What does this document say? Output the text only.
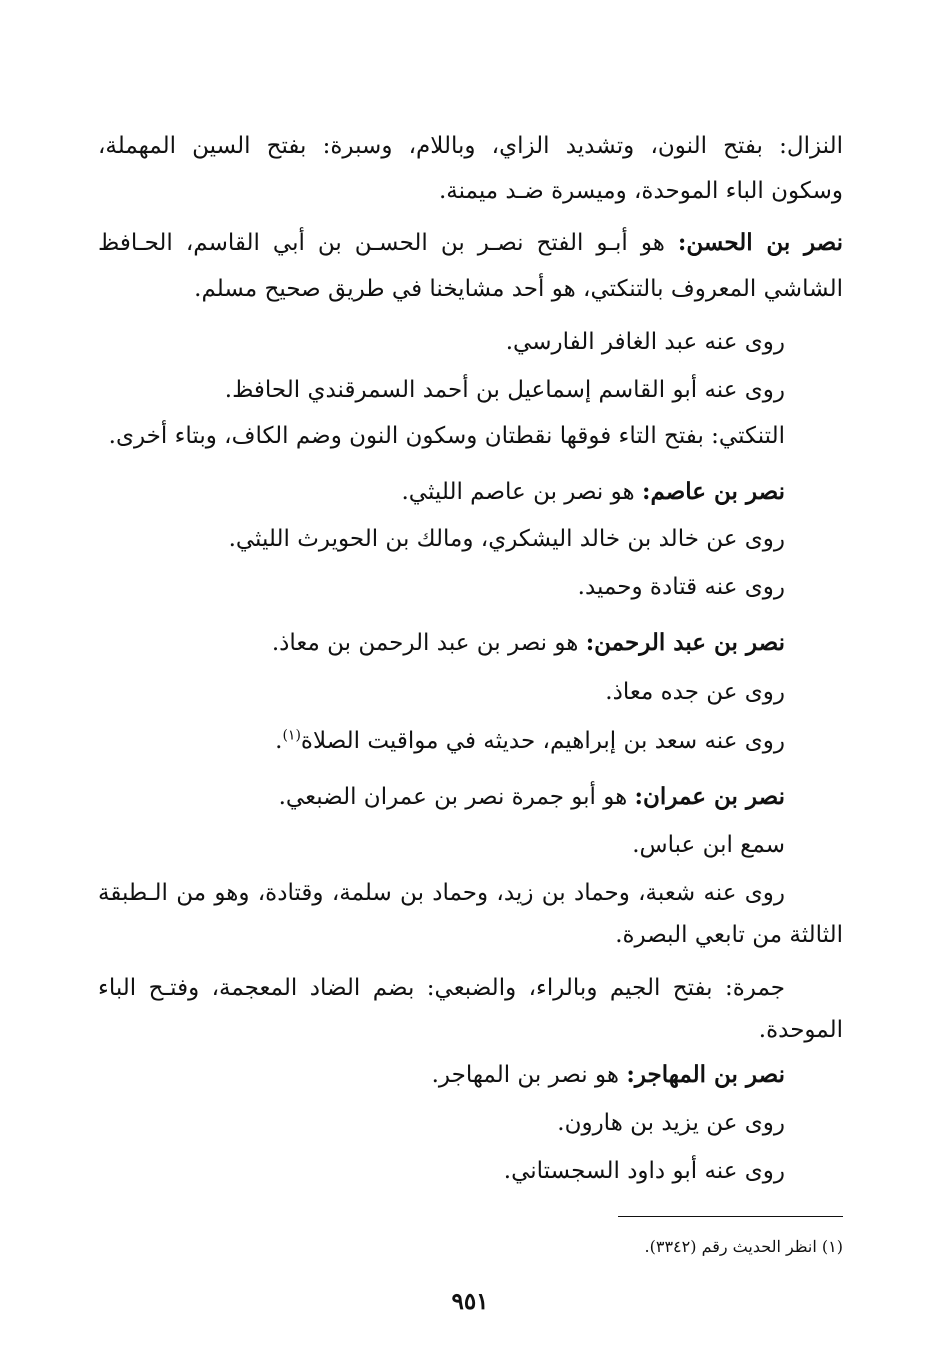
النزال: بفتح النون، وتشديد الزاي، وباللام، وسبرة: بفتح السين المهملة،
وسكون الباء الموحدة، وميسرة ضـد ميمنة.
نصر بن الحسن: هو أبـو الفتح نصـر بن الحسـن بن أبي القاسم، الحـافظ
الشاشي المعروف بالتنكتي، هو أحد مشايخنا في طريق صحيح مسلم.
روى عنه عبد الغافر الفارسي.
روى عنه أبو القاسم إسماعيل بن أحمد السمرقندي الحافظ.
التنكتي: بفتح التاء فوقها نقطتان وسكون النون وضم الكاف، وبتاء أخرى.
نصر بن عاصم: هو نصر بن عاصم الليثي.
روى عن خالد بن خالد اليشكري، ومالك بن الحويرث الليثي.
روى عنه قتادة وحميد.
نصر بن عبد الرحمن: هو نصر بن عبد الرحمن بن معاذ.
روى عن جده معاذ.
روى عنه سعد بن إبراهيم، حديثه في مواقيت الصلاة$^{(١)}$.
نصر بن عمران: هو أبو جمرة نصر بن عمران الضبعي.
سمع ابن عباس.
روى عنه شعبة، وحماد بن زيد، وحماد بن سلمة، وقتادة، وهو من الـطبقة
الثالثة من تابعي البصرة.
جمرة: بفتح الجيم وبالراء، والضبعي: بضم الضاد المعجمة، وفتـح الباء
الموحدة.
نصر بن المهاجر: هو نصر بن المهاجر.
روى عن يزيد بن هارون.
روى عنه أبو داود السجستاني.
(١) انظر الحديث رقم (٣٣٤٢).
٩٥١
